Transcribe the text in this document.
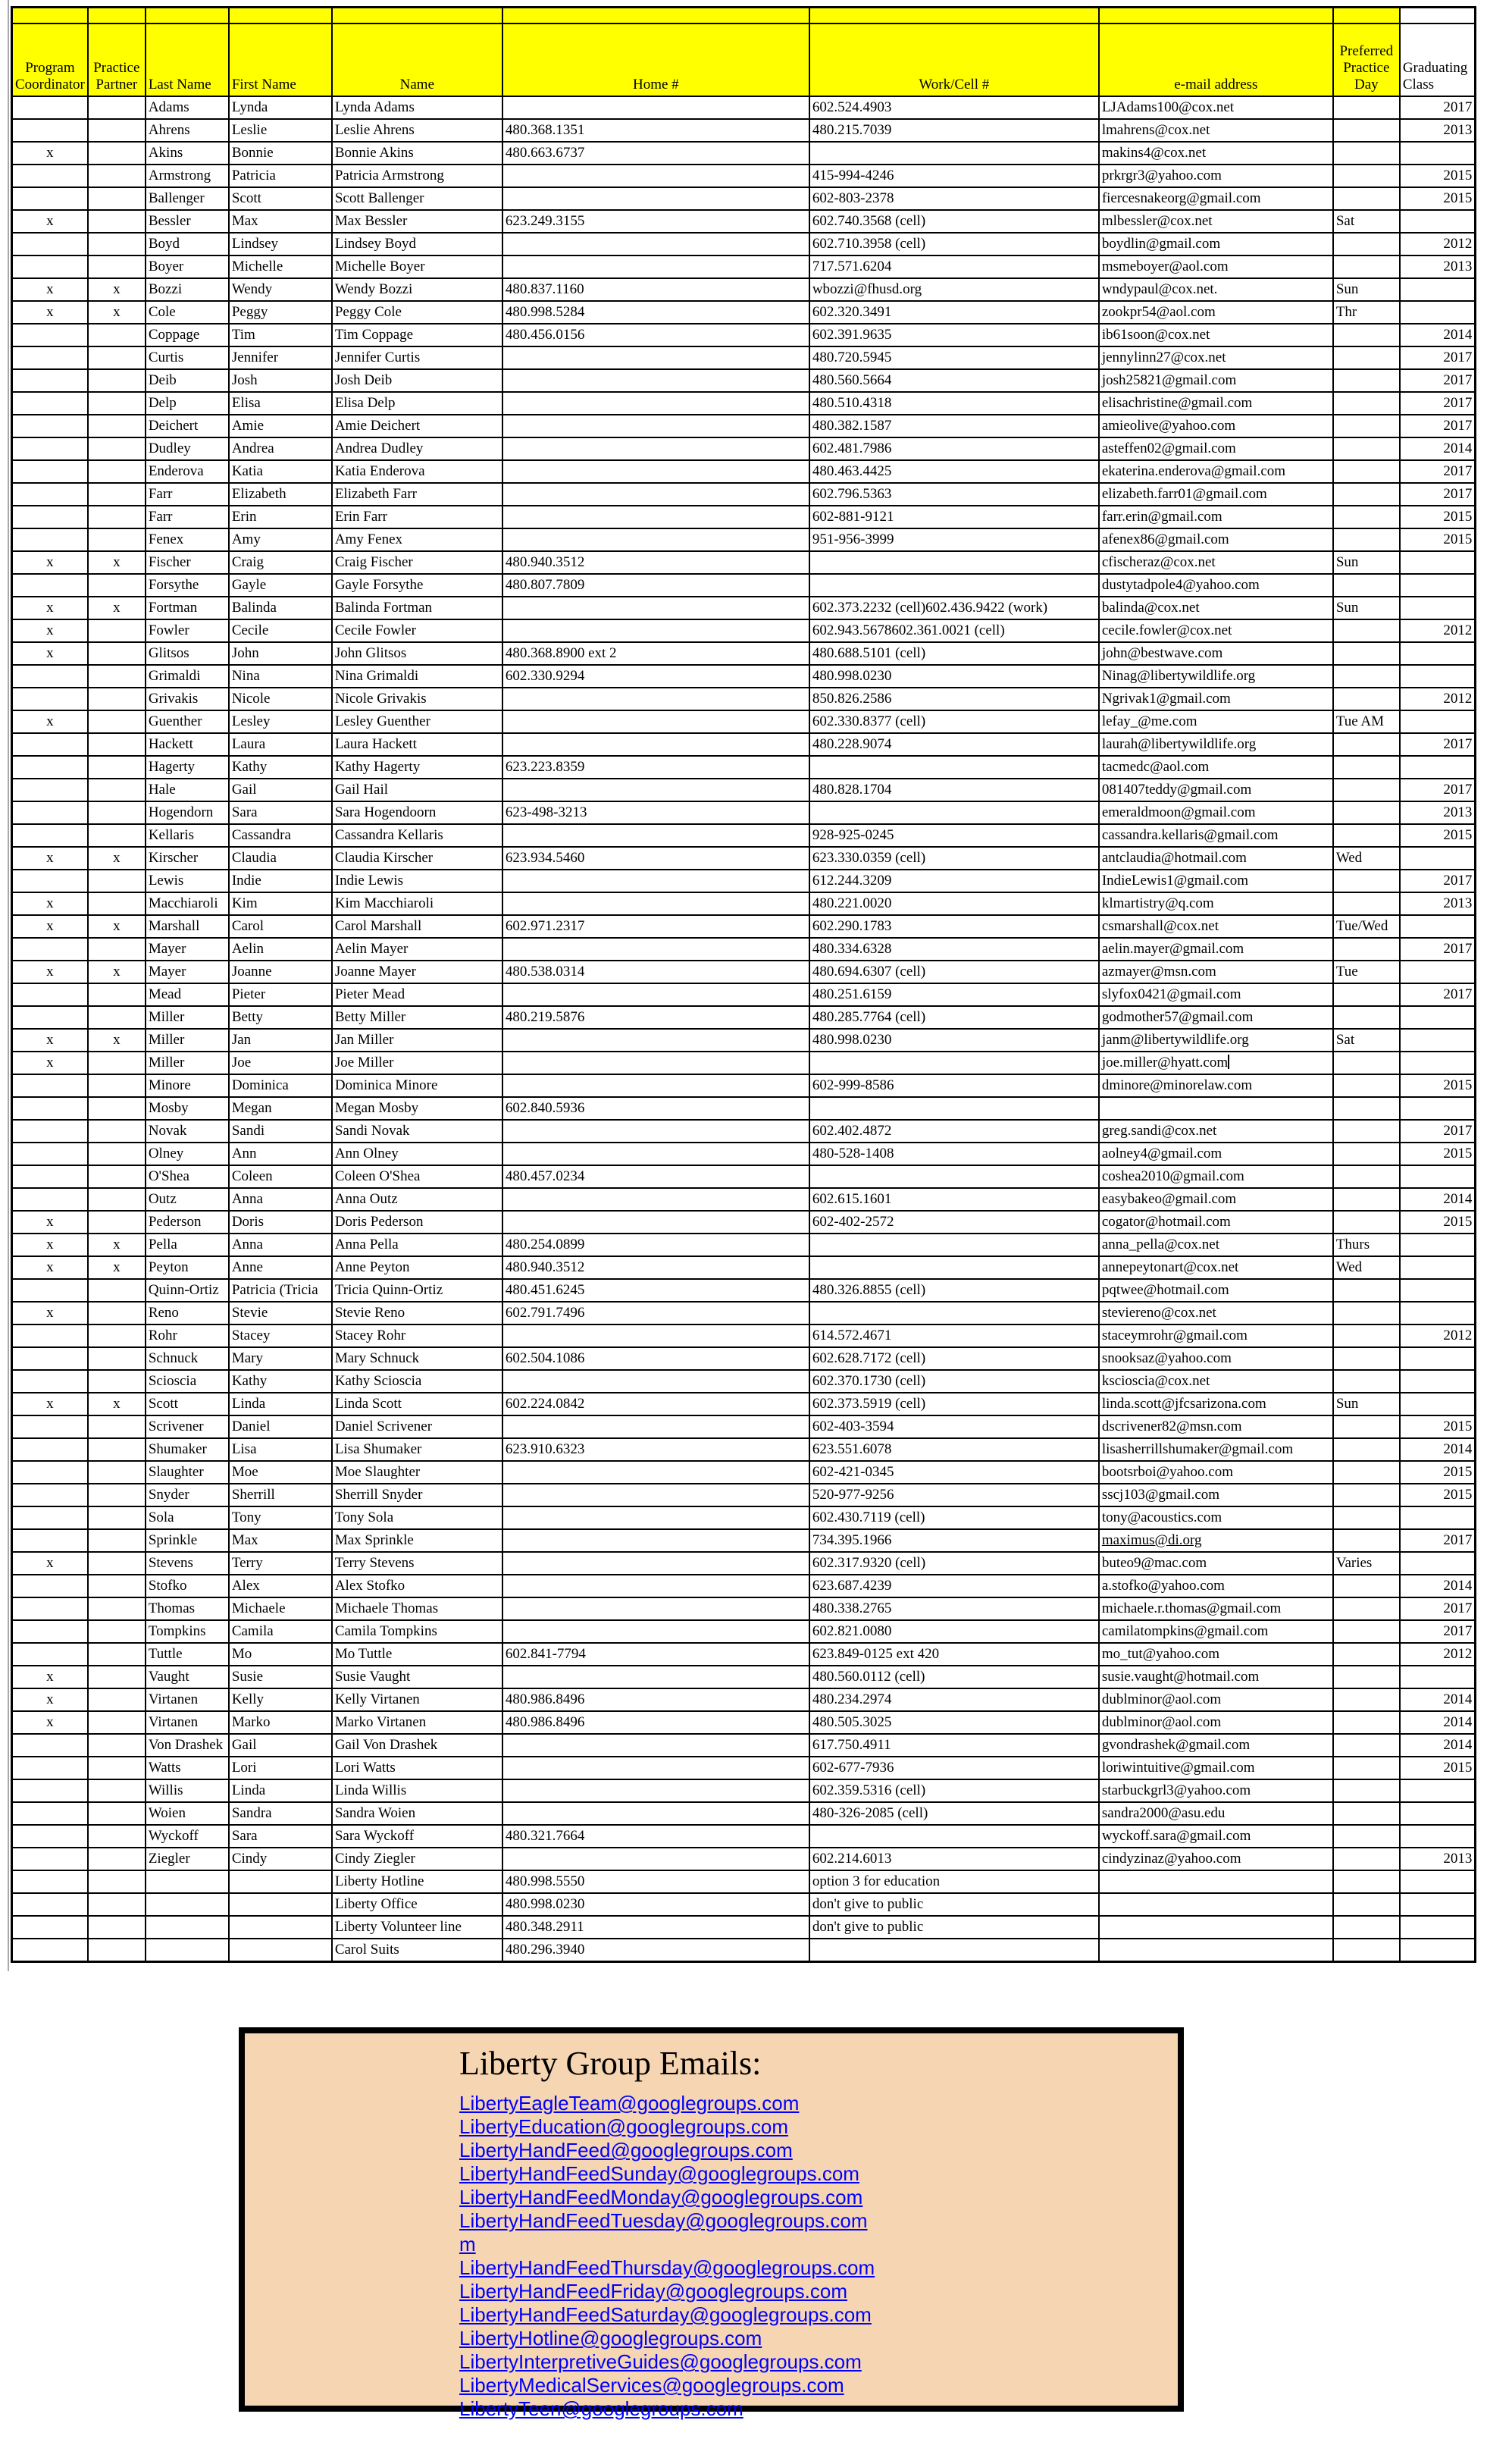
Program Coordinator	Practice Partner	Last Name	First Name	Name	Home #	Work/Cell #	e-mail address	Preferred Practice Day	Graduating Class
		Adams	Lynda	Lynda Adams		602.524.4903	LJAdams100@cox.net		2017
		Ahrens	Leslie	Leslie Ahrens	480.368.1351	480.215.7039	lmahrens@cox.net		2013
x		Akins	Bonnie	Bonnie Akins	480.663.6737		makins4@cox.net		
		Armstrong	Patricia	Patricia Armstrong		415-994-4246	prkrgr3@yahoo.com		2015
		Ballenger	Scott	Scott Ballenger		602-803-2378	fiercesnakeorg@gmail.com		2015
x		Bessler	Max	Max Bessler	623.249.3155	602.740.3568 (cell)	mlbessler@cox.net	Sat	
		Boyd	Lindsey	Lindsey Boyd		602.710.3958 (cell)	boydlin@gmail.com		2012
		Boyer	Michelle	Michelle Boyer		717.571.6204	msmeboyer@aol.com		2013
x	x	Bozzi	Wendy	Wendy Bozzi	480.837.1160	wbozzi@fhusd.org	wndypaul@cox.net.	Sun	
x	x	Cole	Peggy	Peggy Cole	480.998.5284	602.320.3491	zookpr54@aol.com	Thr	
		Coppage	Tim	Tim Coppage	480.456.0156	602.391.9635	ib61soon@cox.net		2014
		Curtis	Jennifer	Jennifer Curtis		480.720.5945	jennylinn27@cox.net		2017
		Deib	Josh	Josh Deib		480.560.5664	josh25821@gmail.com		2017
		Delp	Elisa	Elisa Delp		480.510.4318	elisachristine@gmail.com		2017
		Deichert	Amie	Amie Deichert		480.382.1587	amieolive@yahoo.com		2017
		Dudley	Andrea	Andrea Dudley		602.481.7986	asteffen02@gmail.com		2014
		Enderova	Katia	Katia Enderova		480.463.4425	ekaterina.enderova@gmail.com		2017
		Farr	Elizabeth	Elizabeth Farr		602.796.5363	elizabeth.farr01@gmail.com		2017
		Farr	Erin	Erin Farr		602-881-9121	farr.erin@gmail.com		2015
		Fenex	Amy	Amy Fenex		951-956-3999	afenex86@gmail.com		2015
x	x	Fischer	Craig	Craig Fischer	480.940.3512		cfischeraz@cox.net	Sun	
		Forsythe	Gayle	Gayle Forsythe	480.807.7809		dustytadpole4@yahoo.com		
x	x	Fortman	Balinda	Balinda Fortman		602.373.2232 (cell)602.436.9422 (work)	balinda@cox.net	Sun	
x		Fowler	Cecile	Cecile Fowler		602.943.5678602.361.0021 (cell)	cecile.fowler@cox.net		2012
x		Glitsos	John	John Glitsos	480.368.8900 ext 2	480.688.5101 (cell)	john@bestwave.com		
		Grimaldi	Nina	Nina Grimaldi	602.330.9294	480.998.0230	Ninag@libertywildlife.org		
		Grivakis	Nicole	Nicole Grivakis		850.826.2586	Ngrivak1@gmail.com		2012
x		Guenther	Lesley	Lesley Guenther		602.330.8377 (cell)	lefay_@me.com	Tue AM	
		Hackett	Laura	Laura Hackett		480.228.9074	laurah@libertywildlife.org		2017
		Hagerty	Kathy	Kathy Hagerty	623.223.8359		tacmedc@aol.com		
		Hale	Gail	Gail Hail		480.828.1704	081407teddy@gmail.com		2017
		Hogendorn	Sara	Sara Hogendoorn	623-498-3213		emeraldmoon@gmail.com		2013
		Kellaris	Cassandra	Cassandra Kellaris		928-925-0245	cassandra.kellaris@gmail.com		2015
x	x	Kirscher	Claudia	Claudia Kirscher	623.934.5460	623.330.0359 (cell)	antclaudia@hotmail.com	Wed	
		Lewis	Indie	Indie Lewis		612.244.3209	IndieLewis1@gmail.com		2017
x		Macchiaroli	Kim	Kim Macchiaroli		480.221.0020	klmartistry@q.com		2013
x	x	Marshall	Carol	Carol Marshall	602.971.2317	602.290.1783	csmarshall@cox.net	Tue/Wed	
		Mayer	Aelin	Aelin Mayer		480.334.6328	aelin.mayer@gmail.com		2017
x	x	Mayer	Joanne	Joanne Mayer	480.538.0314	480.694.6307 (cell)	azmayer@msn.com	Tue	
		Mead	Pieter	Pieter Mead		480.251.6159	slyfox0421@gmail.com		2017
		Miller	Betty	Betty Miller	480.219.5876	480.285.7764 (cell)	godmother57@gmail.com		
x	x	Miller	Jan	Jan Miller		480.998.0230	janm@libertywildlife.org	Sat	
x		Miller	Joe	Joe Miller			joe.miller@hyatt.com		
		Minore	Dominica	Dominica Minore		602-999-8586	dminore@minorelaw.com		2015
		Mosby	Megan	Megan Mosby	602.840.5936				
		Novak	Sandi	Sandi Novak		602.402.4872	greg.sandi@cox.net		2017
		Olney	Ann	Ann Olney		480-528-1408	aolney4@gmail.com		2015
		O'Shea	Coleen	Coleen O'Shea	480.457.0234		coshea2010@gmail.com		
		Outz	Anna	Anna Outz		602.615.1601	easybakeo@gmail.com		2014
x		Pederson	Doris	Doris Pederson		602-402-2572	cogator@hotmail.com		2015
x	x	Pella	Anna	Anna Pella	480.254.0899		anna_pella@cox.net	Thurs	
x	x	Peyton	Anne	Anne Peyton	480.940.3512		annepeytonart@cox.net	Wed	
		Quinn-Ortiz	Patricia (Tricia	Tricia Quinn-Ortiz	480.451.6245	480.326.8855 (cell)	pqtwee@hotmail.com		
x		Reno	Stevie	Stevie Reno	602.791.7496		steviereno@cox.net		
		Rohr	Stacey	Stacey Rohr		614.572.4671	staceymrohr@gmail.com		2012
		Schnuck	Mary	Mary Schnuck	602.504.1086	602.628.7172 (cell)	snooksaz@yahoo.com		
		Scioscia	Kathy	Kathy Scioscia		602.370.1730 (cell)	kscioscia@cox.net		
x	x	Scott	Linda	Linda Scott	602.224.0842	602.373.5919 (cell)	linda.scott@jfcsarizona.com	Sun	
		Scrivener	Daniel	Daniel Scrivener		602-403-3594	dscrivener82@msn.com		2015
		Shumaker	Lisa	Lisa Shumaker	623.910.6323	623.551.6078	lisasherrillshumaker@gmail.com		2014
		Slaughter	Moe	Moe Slaughter		602-421-0345	bootsrboi@yahoo.com		2015
		Snyder	Sherrill	Sherrill Snyder		520-977-9256	sscj103@gmail.com		2015
		Sola	Tony	Tony Sola		602.430.7119 (cell)	tony@acoustics.com		
		Sprinkle	Max	Max Sprinkle		734.395.1966	maximus@di.org		2017
x		Stevens	Terry	Terry Stevens		602.317.9320 (cell)	buteo9@mac.com	Varies	
		Stofko	Alex	Alex Stofko		623.687.4239	a.stofko@yahoo.com		2014
		Thomas	Michaele	Michaele Thomas		480.338.2765	michaele.r.thomas@gmail.com		2017
		Tompkins	Camila	Camila Tompkins		602.821.0080	camilatompkins@gmail.com		2017
		Tuttle	Mo	Mo Tuttle	602.841-7794	623.849-0125 ext 420	mo_tut@yahoo.com		2012
x		Vaught	Susie	Susie Vaught		480.560.0112 (cell)	susie.vaught@hotmail.com		
x		Virtanen	Kelly	Kelly Virtanen	480.986.8496	480.234.2974	dublminor@aol.com		2014
x		Virtanen	Marko	Marko Virtanen	480.986.8496	480.505.3025	dublminor@aol.com		2014
		Von Drashek	Gail	Gail Von Drashek		617.750.4911	gvondrashek@gmail.com		2014
		Watts	Lori	Lori Watts		602-677-7936	loriwintuitive@gmail.com		2015
		Willis	Linda	Linda Willis		602.359.5316 (cell)	starbuckgrl3@yahoo.com		
		Woien	Sandra	Sandra Woien		480-326-2085 (cell)	sandra2000@asu.edu		
		Wyckoff	Sara	Sara Wyckoff	480.321.7664		wyckoff.sara@gmail.com		
		Ziegler	Cindy	Cindy Ziegler		602.214.6013	cindyzinaz@yahoo.com		2013
				Liberty Hotline	480.998.5550	option 3 for education			
				Liberty Office	480.998.0230	don't give to public			
				Liberty Volunteer line	480.348.2911	don't give to public			
				Carol Suits	480.296.3940				
Liberty Group Emails:
LibertyEagleTeam@googlegroups.com
LibertyEducation@googlegroups.com
LibertyHandFeed@googlegroups.com
LibertyHandFeedSunday@googlegroups.com
LibertyHandFeedMonday@googlegroups.com
LibertyHandFeedTuesday@googlegroups.com
m
LibertyHandFeedThursday@googlegroups.com
LibertyHandFeedFriday@googlegroups.com
LibertyHandFeedSaturday@googlegroups.com
LibertyHotline@googlegroups.com
LibertyInterpretiveGuides@googlegroups.com
LibertyMedicalServices@googlegroups.com
LibertyTeen@googlegroups.com
